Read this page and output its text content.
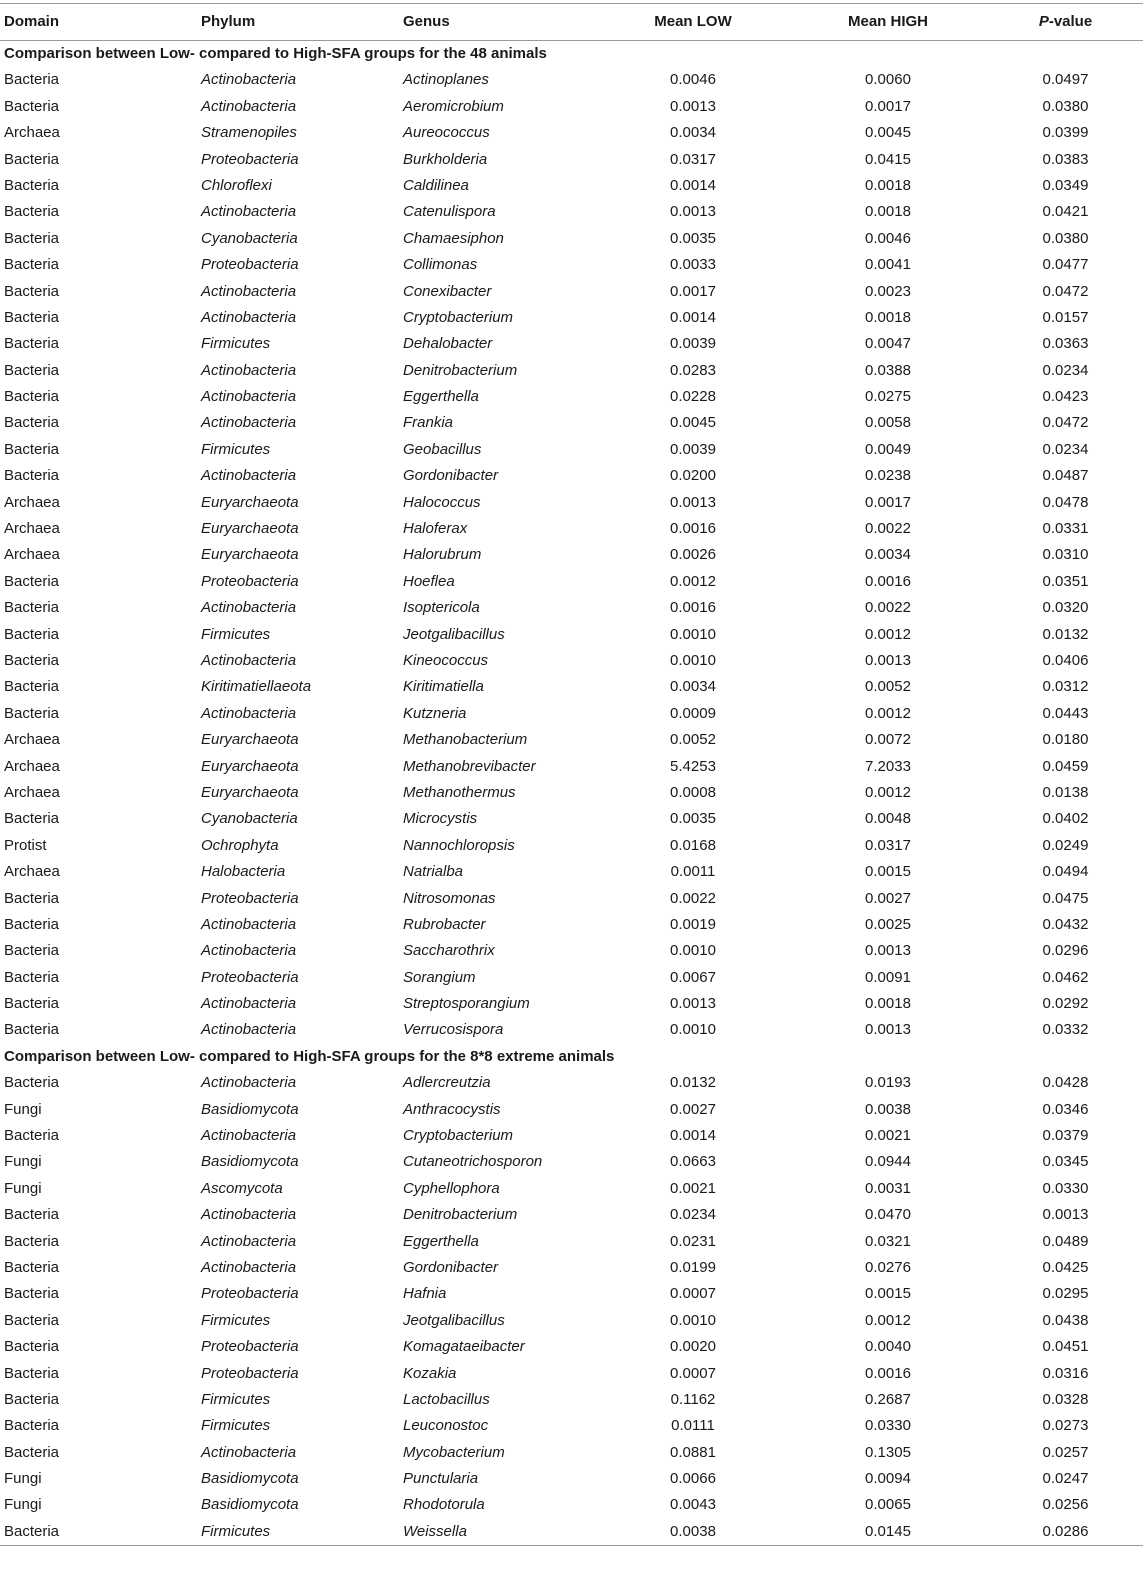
Domain	Phylum	Genus	Mean LOW	Mean HIGH	P-value
Comparison between Low- compared to High-SFA groups for the 48 animals
Bacteria	Actinobacteria	Actinoplanes	0.0046	0.0060	0.0497
Bacteria	Actinobacteria	Aeromicrobium	0.0013	0.0017	0.0380
Archaea	Stramenopiles	Aureococcus	0.0034	0.0045	0.0399
Bacteria	Proteobacteria	Burkholderia	0.0317	0.0415	0.0383
Bacteria	Chloroflexi	Caldilinea	0.0014	0.0018	0.0349
Bacteria	Actinobacteria	Catenulispora	0.0013	0.0018	0.0421
Bacteria	Cyanobacteria	Chamaesiphon	0.0035	0.0046	0.0380
Bacteria	Proteobacteria	Collimonas	0.0033	0.0041	0.0477
Bacteria	Actinobacteria	Conexibacter	0.0017	0.0023	0.0472
Bacteria	Actinobacteria	Cryptobacterium	0.0014	0.0018	0.0157
Bacteria	Firmicutes	Dehalobacter	0.0039	0.0047	0.0363
Bacteria	Actinobacteria	Denitrobacterium	0.0283	0.0388	0.0234
Bacteria	Actinobacteria	Eggerthella	0.0228	0.0275	0.0423
Bacteria	Actinobacteria	Frankia	0.0045	0.0058	0.0472
Bacteria	Firmicutes	Geobacillus	0.0039	0.0049	0.0234
Bacteria	Actinobacteria	Gordonibacter	0.0200	0.0238	0.0487
Archaea	Euryarchaeota	Halococcus	0.0013	0.0017	0.0478
Archaea	Euryarchaeota	Haloferax	0.0016	0.0022	0.0331
Archaea	Euryarchaeota	Halorubrum	0.0026	0.0034	0.0310
Bacteria	Proteobacteria	Hoeflea	0.0012	0.0016	0.0351
Bacteria	Actinobacteria	Isoptericola	0.0016	0.0022	0.0320
Bacteria	Firmicutes	Jeotgalibacillus	0.0010	0.0012	0.0132
Bacteria	Actinobacteria	Kineococcus	0.0010	0.0013	0.0406
Bacteria	Kiritimatiellaeota	Kiritimatiella	0.0034	0.0052	0.0312
Bacteria	Actinobacteria	Kutzneria	0.0009	0.0012	0.0443
Archaea	Euryarchaeota	Methanobacterium	0.0052	0.0072	0.0180
Archaea	Euryarchaeota	Methanobrevibacter	5.4253	7.2033	0.0459
Archaea	Euryarchaeota	Methanothermus	0.0008	0.0012	0.0138
Bacteria	Cyanobacteria	Microcystis	0.0035	0.0048	0.0402
Protist	Ochrophyta	Nannochloropsis	0.0168	0.0317	0.0249
Archaea	Halobacteria	Natrialba	0.0011	0.0015	0.0494
Bacteria	Proteobacteria	Nitrosomonas	0.0022	0.0027	0.0475
Bacteria	Actinobacteria	Rubrobacter	0.0019	0.0025	0.0432
Bacteria	Actinobacteria	Saccharothrix	0.0010	0.0013	0.0296
Bacteria	Proteobacteria	Sorangium	0.0067	0.0091	0.0462
Bacteria	Actinobacteria	Streptosporangium	0.0013	0.0018	0.0292
Bacteria	Actinobacteria	Verrucosispora	0.0010	0.0013	0.0332
Comparison between Low- compared to High-SFA groups for the 8*8 extreme animals
Bacteria	Actinobacteria	Adlercreutzia	0.0132	0.0193	0.0428
Fungi	Basidiomycota	Anthracocystis	0.0027	0.0038	0.0346
Bacteria	Actinobacteria	Cryptobacterium	0.0014	0.0021	0.0379
Fungi	Basidiomycota	Cutaneotrichosporon	0.0663	0.0944	0.0345
Fungi	Ascomycota	Cyphellophora	0.0021	0.0031	0.0330
Bacteria	Actinobacteria	Denitrobacterium	0.0234	0.0470	0.0013
Bacteria	Actinobacteria	Eggerthella	0.0231	0.0321	0.0489
Bacteria	Actinobacteria	Gordonibacter	0.0199	0.0276	0.0425
Bacteria	Proteobacteria	Hafnia	0.0007	0.0015	0.0295
Bacteria	Firmicutes	Jeotgalibacillus	0.0010	0.0012	0.0438
Bacteria	Proteobacteria	Komagataeibacter	0.0020	0.0040	0.0451
Bacteria	Proteobacteria	Kozakia	0.0007	0.0016	0.0316
Bacteria	Firmicutes	Lactobacillus	0.1162	0.2687	0.0328
Bacteria	Firmicutes	Leuconostoc	0.0111	0.0330	0.0273
Bacteria	Actinobacteria	Mycobacterium	0.0881	0.1305	0.0257
Fungi	Basidiomycota	Punctularia	0.0066	0.0094	0.0247
Fungi	Basidiomycota	Rhodotorula	0.0043	0.0065	0.0256
Bacteria	Firmicutes	Weissella	0.0038	0.0145	0.0286
